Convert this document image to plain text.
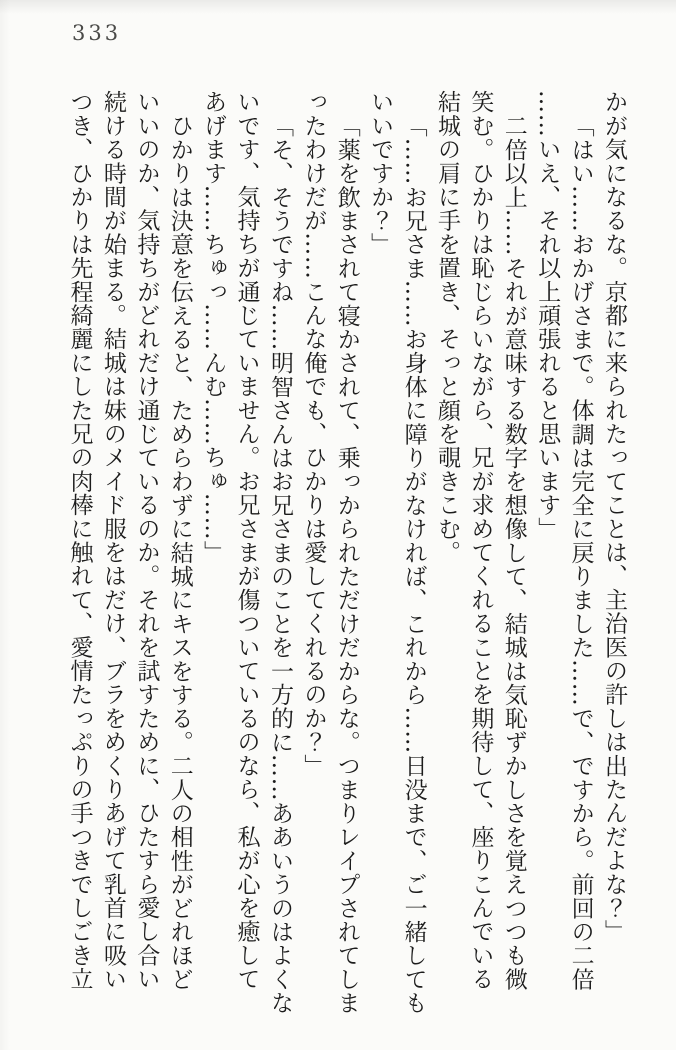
333
かが気になるな。京都に来られたってことは、主治医の許しは出たんだよな？」
「はい……おかげさまで。体調は完全に戻りました……で、ですから。前回の二倍
……いえ、それ以上頑張れると思います」
二倍以上……それが意味する数字を想像して、結城は気恥ずかしさを覚えつつも微
笑む。ひかりは恥じらいながら、兄が求めてくれることを期待して、座りこんでいる
結城の肩に手を置き、そっと顔を覗きこむ。
「……お兄さま……お身体に障りがなければ、これから……日没まで、ご一緒しても
いいですか？」
「薬を飲まされて寝かされて、乗っかられただけだからな。つまりレイプされてしま
ったわけだが……こんな俺でも、ひかりは愛してくれるのか？」
「そ、そうですね……明智さんはお兄さまのことを一方的に……ああいうのはよくな
いです、気持ちが通じていません。お兄さまが傷ついているのなら、私が心を癒して
あげます……ちゅっ……んむ……ちゅ……」
ひかりは決意を伝えると、ためらわずに結城にキスをする。二人の相性がどれほど
いいのか、気持ちがどれだけ通じているのか。それを試すために、ひたすら愛し合い
続ける時間が始まる。結城は妹のメイド服をはだけ、ブラをめくりあげて乳首に吸い
つき、ひかりは先程綺麗にした兄の肉棒に触れて、愛情たっぷりの手つきでしごき立
